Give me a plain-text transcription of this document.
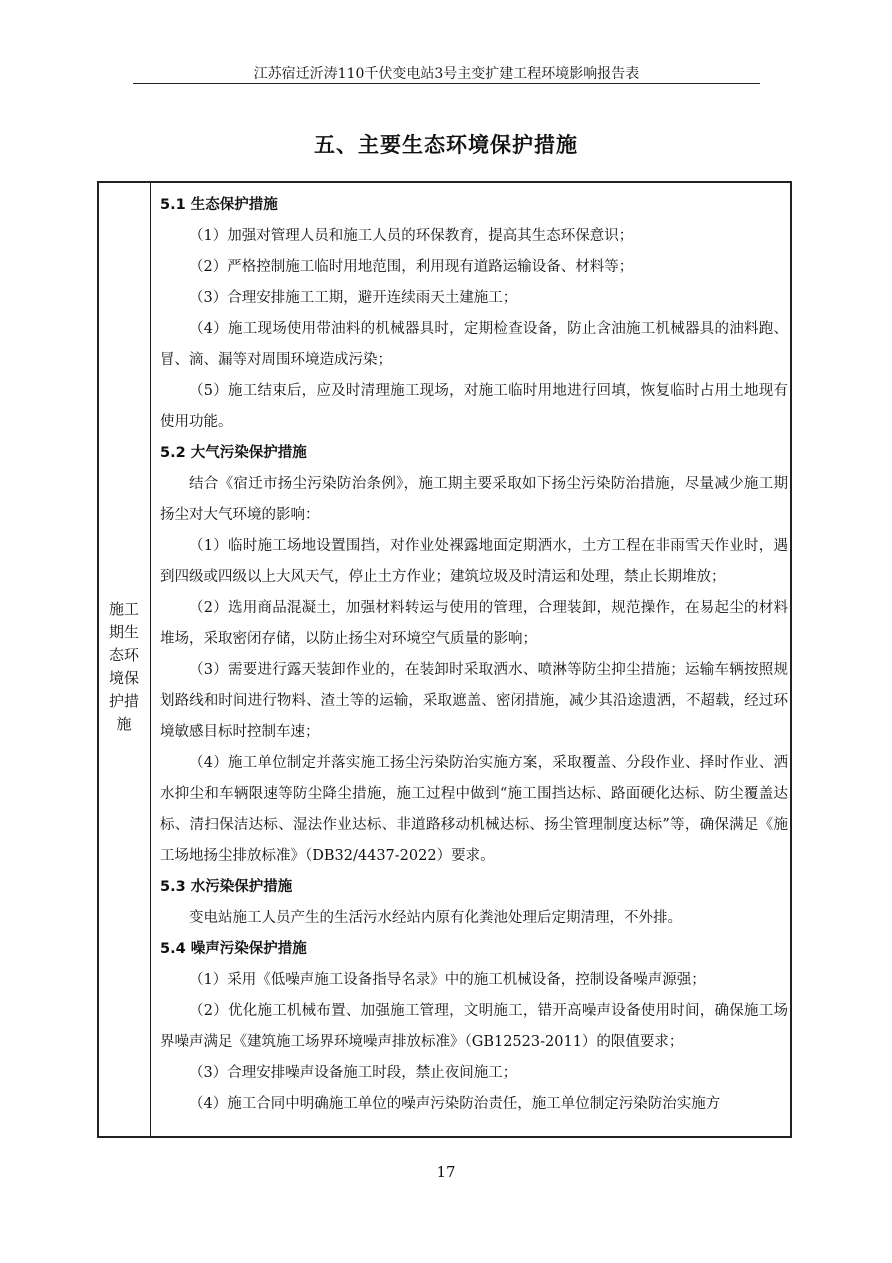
江苏宿迁沂涛110千伏变电站3号主变扩建工程环境影响报告表
五、主要生态环境保护措施
施工期生态环境保护措施
5.1 生态保护措施

（1）加强对管理人员和施工人员的环保教育，提高其生态环保意识；

（2）严格控制施工临时用地范围，利用现有道路运输设备、材料等；

（3）合理安排施工工期，避开连续雨天土建施工；

（4）施工现场使用带油料的机械器具时，定期检查设备，防止含油施工机械器具的油料跑、冒、滴、漏等对周围环境造成污染；

（5）施工结束后，应及时清理施工现场，对施工临时用地进行回填，恢复临时占用土地现有使用功能。

5.2 大气污染保护措施

结合《宿迁市扬尘污染防治条例》，施工期主要采取如下扬尘污染防治措施，尽量减少施工期扬尘对大气环境的影响：

（1）临时施工场地设置围挡，对作业处裸露地面定期洒水，土方工程在非雨雪天作业时，遇到四级或四级以上大风天气，停止土方作业；建筑垃圾及时清运和处理，禁止长期堆放；

（2）选用商品混凝土，加强材料转运与使用的管理，合理装卸，规范操作，在易起尘的材料堆场，采取密闭存储，以防止扬尘对环境空气质量的影响；

（3）需要进行露天装卸作业的，在装卸时采取洒水、喷淋等防尘抑尘措施；运输车辆按照规划路线和时间进行物料、渣土等的运输，采取遮盖、密闭措施，减少其沿途遗洒，不超载，经过环境敏感目标时控制车速；

（4）施工单位制定并落实施工扬尘污染防治实施方案，采取覆盖、分段作业、择时作业、洒水抑尘和车辆限速等防尘降尘措施，施工过程中做到“施工围挡达标、路面硬化达标、防尘覆盖达标、清扫保洁达标、湿法作业达标、非道路移动机械达标、扬尘管理制度达标”等，确保满足《施工场地扬尘排放标准》（DB32/4437-2022）要求。

5.3 水污染保护措施

变电站施工人员产生的生活污水经站内原有化粪池处理后定期清理，不外排。

5.4 噪声污染保护措施

（1）采用《低噪声施工设备指导名录》中的施工机械设备，控制设备噪声源强；

（2）优化施工机械布置、加强施工管理，文明施工，错开高噪声设备使用时间，确保施工场界噪声满足《建筑施工场界环境噪声排放标准》（GB12523-2011）的限值要求；

（3）合理安排噪声设备施工时段，禁止夜间施工；

（4）施工合同中明确施工单位的噪声污染防治责任，施工单位制定污染防治实施方

17
